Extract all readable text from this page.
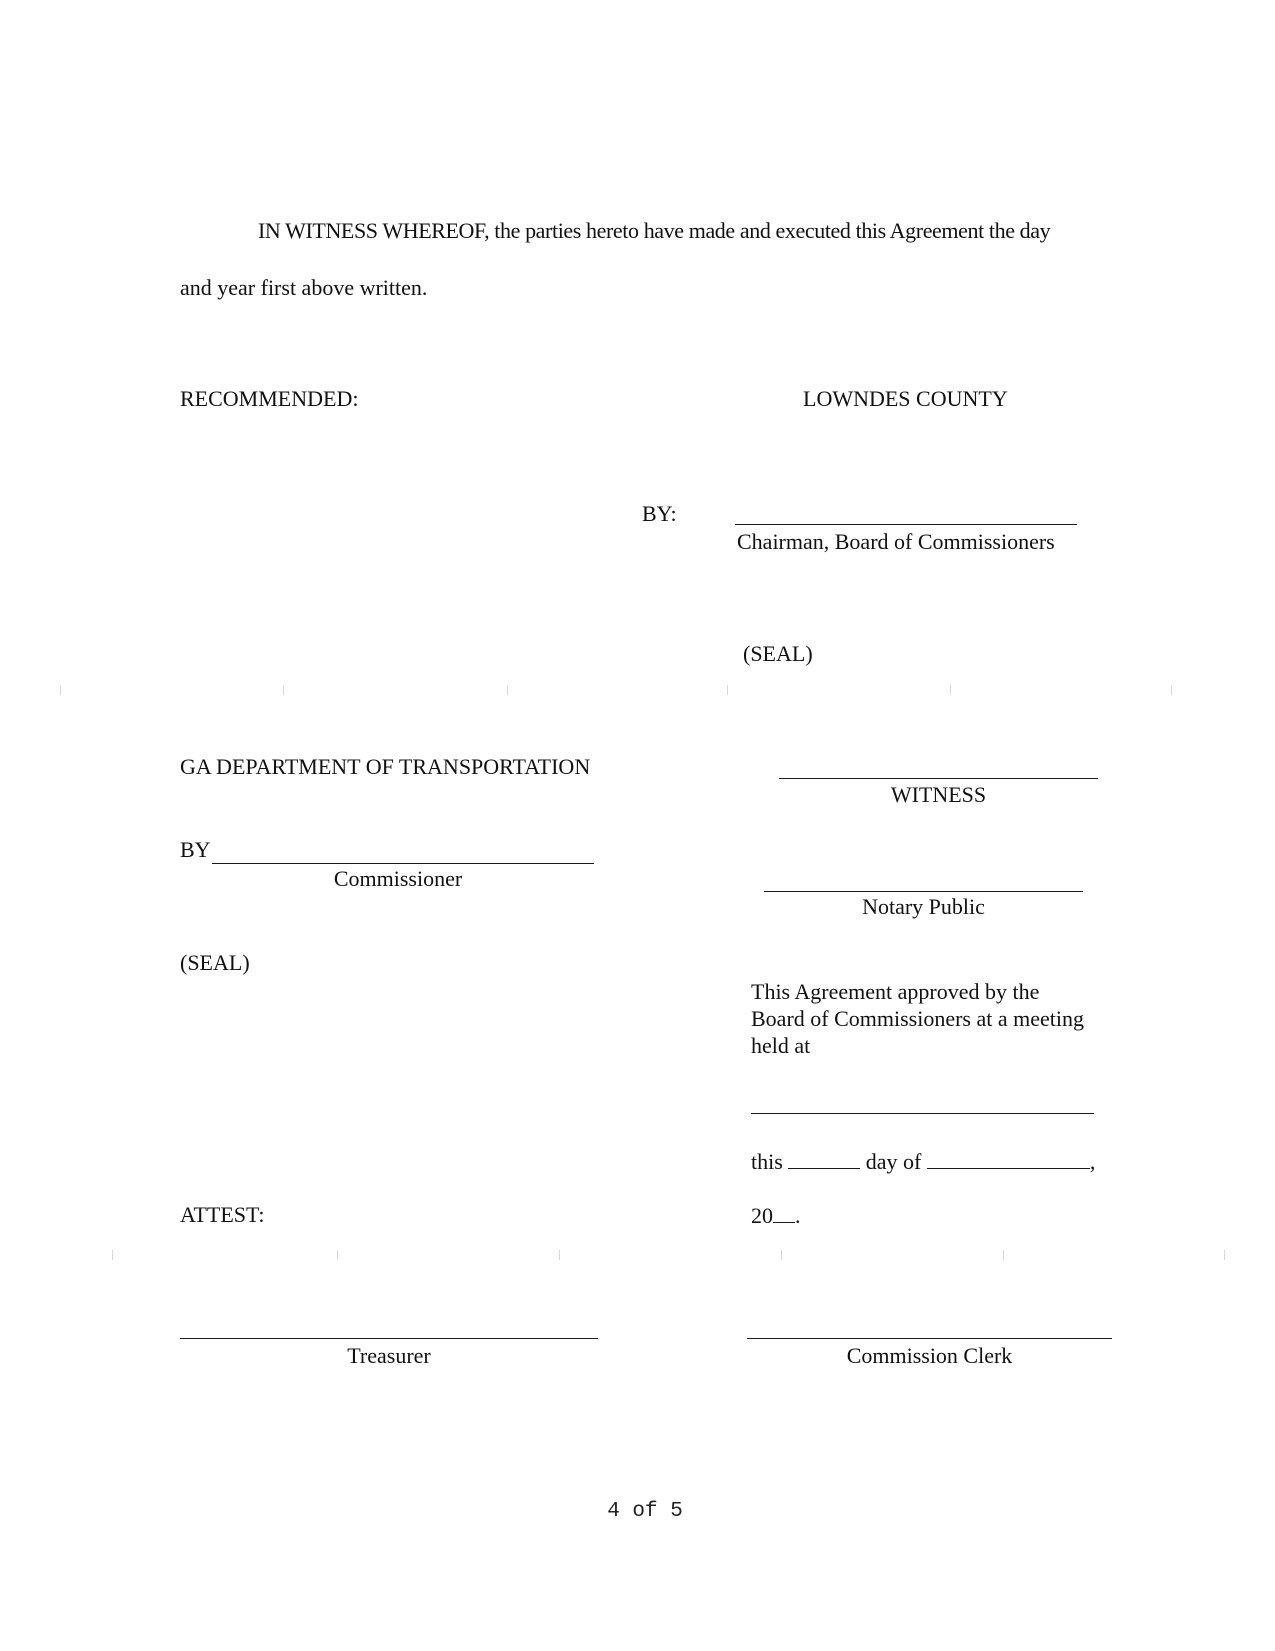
IN WITNESS WHEREOF, the parties hereto have made and executed this Agreement the day
and year first above written.
RECOMMENDED:	LOWNDES COUNTY
BY:
Chairman, Board of Commissioners
(SEAL)
GA DEPARTMENT OF TRANSPORTATION
WITNESS
BY
Commissioner
Notary Public
(SEAL)
This Agreement approved by the
Board of Commissioners at a meeting
held at
this	day of	,
ATTEST:	20 .
Treasurer	Commission Clerk
4 of 5
